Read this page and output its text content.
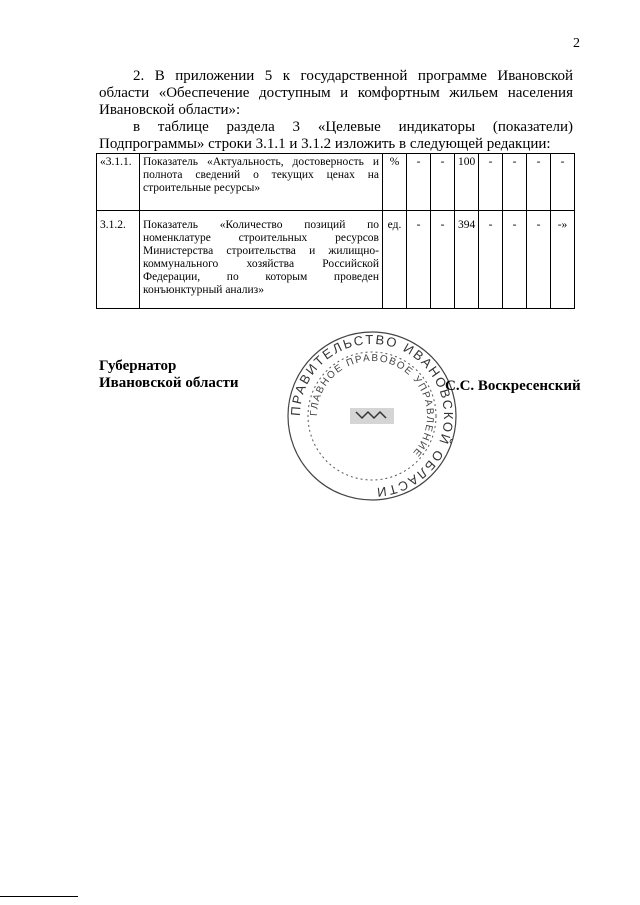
2
2. В приложении 5 к государственной программе Ивановской области «Обеспечение доступным и комфортным жильем населения Ивановской области»:
в таблице раздела 3 «Целевые индикаторы (показатели) Подпрограммы» строки 3.1.1 и 3.1.2 изложить в следующей редакции:
«3.1.1.	Показатель «Актуальность, достоверность и полнота сведений о текущих ценах на строительные ресурсы»	%	-	-	100	-	-	-	-
3.1.2.	Показатель «Количество позиций по номенклатуре строительных ресурсов Министерства строительства и жилищно-коммунального хозяйства Российской Федерации, по которым проведен конъюнктурный анализ»	ед.	-	-	394	-	-	-	-»
Губернатор
Ивановской области
ПРАВИТЕЛЬСТВО ИВАНОВСКОЙ ОБЛАСТИ
ГЛАВНОЕ ПРАВОВОЕ УПРАВЛЕНИЕ
С.С. Воскресенский
